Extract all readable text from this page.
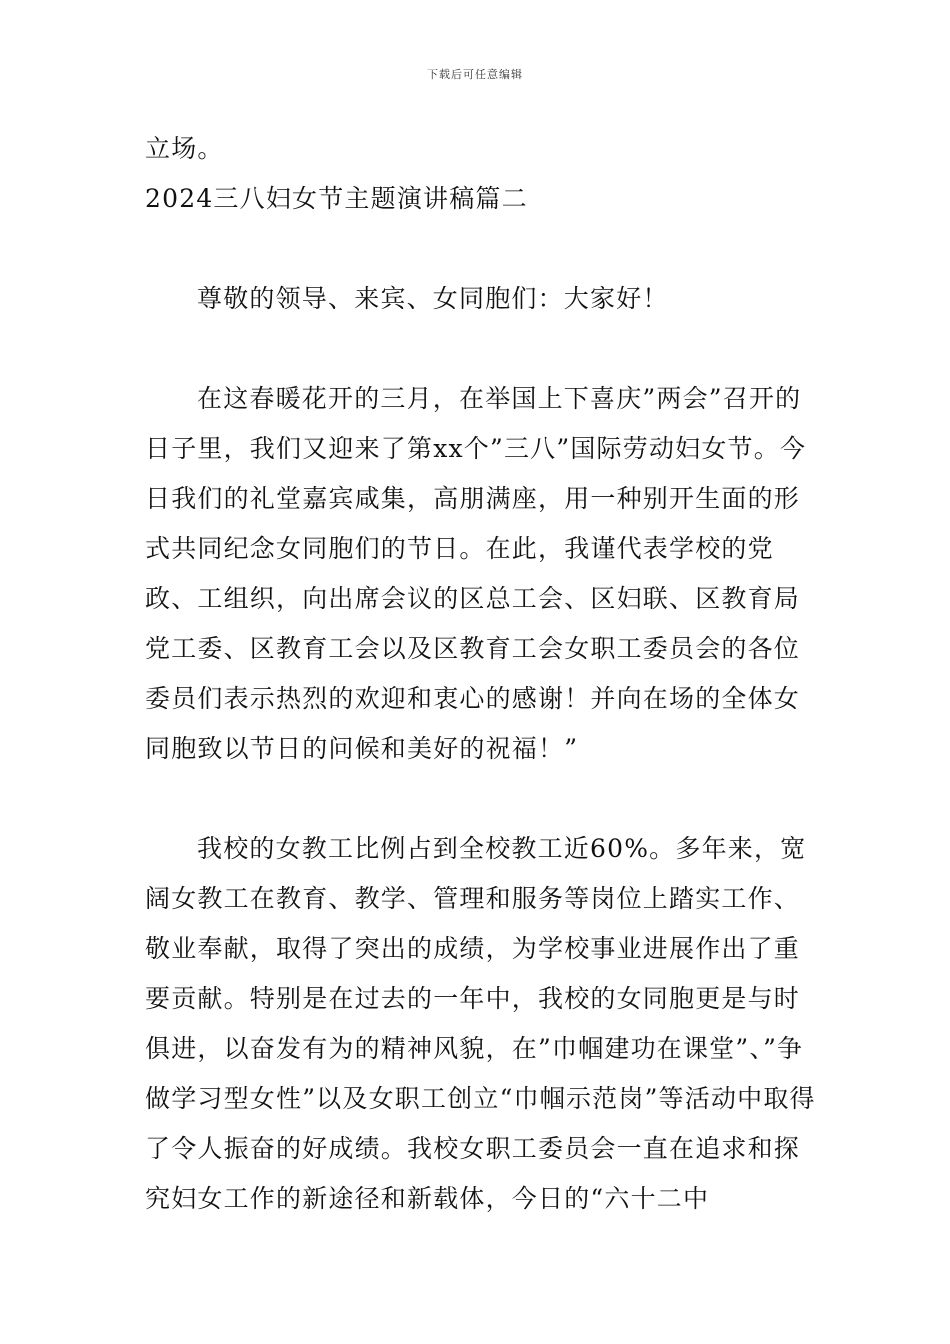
下载后可任意编辑
立场。
2024三八妇女节主题演讲稿篇二

尊敬的领导、来宾、女同胞们：大家好！

在这春暖花开的三月，在举国上下喜庆”两会”召开的日子里，我们又迎来了第xx个”三八”国际劳动妇女节。今日我们的礼堂嘉宾咸集，高朋满座，用一种别开生面的形式共同纪念女同胞们的节日。在此，我谨代表学校的党政、工组织，向出席会议的区总工会、区妇联、区教育局党工委、区教育工会以及区教育工会女职工委员会的各位委员们表示热烈的欢迎和衷心的感谢！并向在场的全体女同胞致以节日的问候和美好的祝福！”

我校的女教工比例占到全校教工近60%。多年来，宽阔女教工在教育、教学、管理和服务等岗位上踏实工作、敬业奉献，取得了突出的成绩，为学校事业进展作出了重要贡献。特别是在过去的一年中，我校的女同胞更是与时俱进，以奋发有为的精神风貌，在”巾帼建功在课堂”、”争做学习型女性”以及女职工创立“巾帼示范岗”等活动中取得了令人振奋的好成绩。我校女职工委员会一直在追求和探究妇女工作的新途径和新载体，今日的“六十二中
